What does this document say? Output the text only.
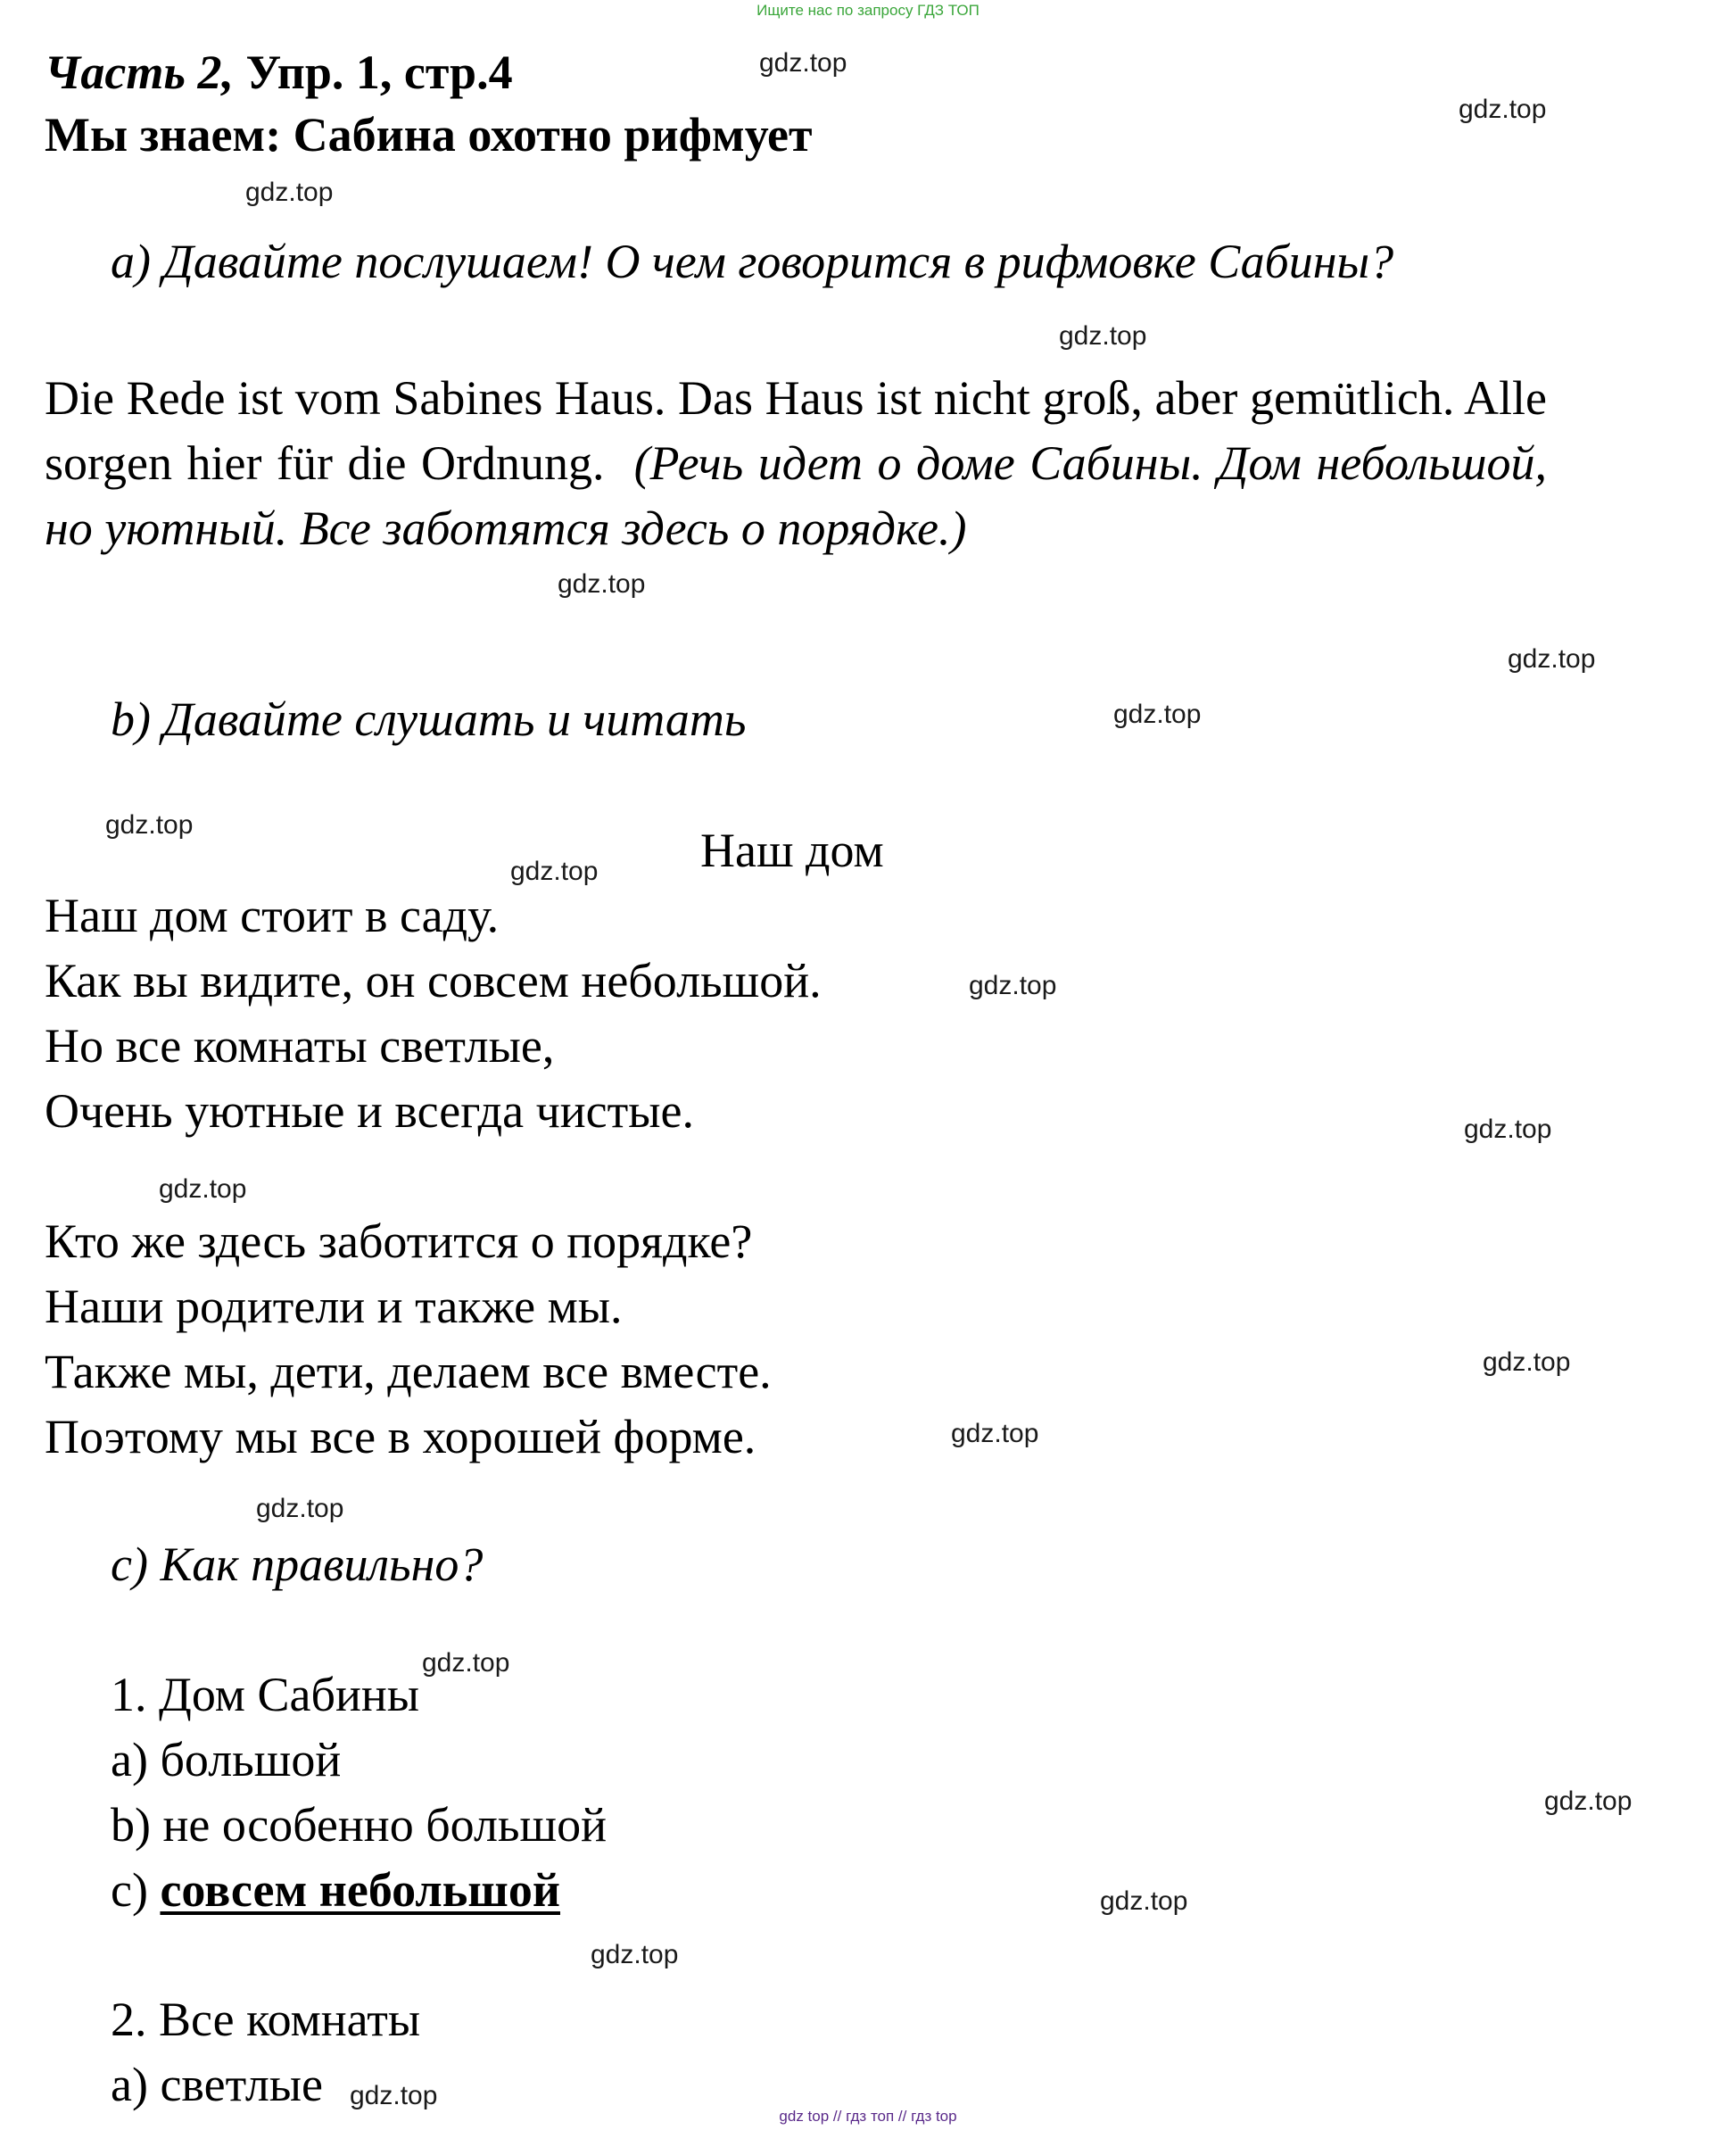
Ищите нас по запросу ГДЗ ТОП
Часть 2, Упр. 1, стр.4
Мы знаем: Сабина охотно рифмует
a) Давайте послушаем! О чем говорится в рифмовке Сабины?
Die Rede ist vom Sabines Haus. Das Haus ist nicht groß, aber gemütlich. Alle sorgen hier für die Ordnung. (Речь идет о доме Сабины. Дом небольшой, но уютный. Все заботятся здесь о порядке.)
b) Давайте слушать и читать
Наш дом
Наш дом стоит в саду.
Как вы видите, он совсем небольшой.
Но все комнаты светлые,
Очень уютные и всегда чистые.
Кто же здесь заботится о порядке?
Наши родители и также мы.
Также мы, дети, делаем все вместе.
Поэтому мы все в хорошей форме.
c) Как правильно?
1. Дом Сабины
a) большой
b) не особенно большой
c) совсем небольшой
2. Все комнаты
a) светлые
gdz.top
gdz.top
gdz.top
gdz.top
gdz.top
gdz.top
gdz.top
gdz.top
gdz.top
gdz.top
gdz.top
gdz.top
gdz.top
gdz.top
gdz.top
gdz.top
gdz.top
gdz.top
gdz.top
gdz.top
gdz top // гдз топ // гдз top
